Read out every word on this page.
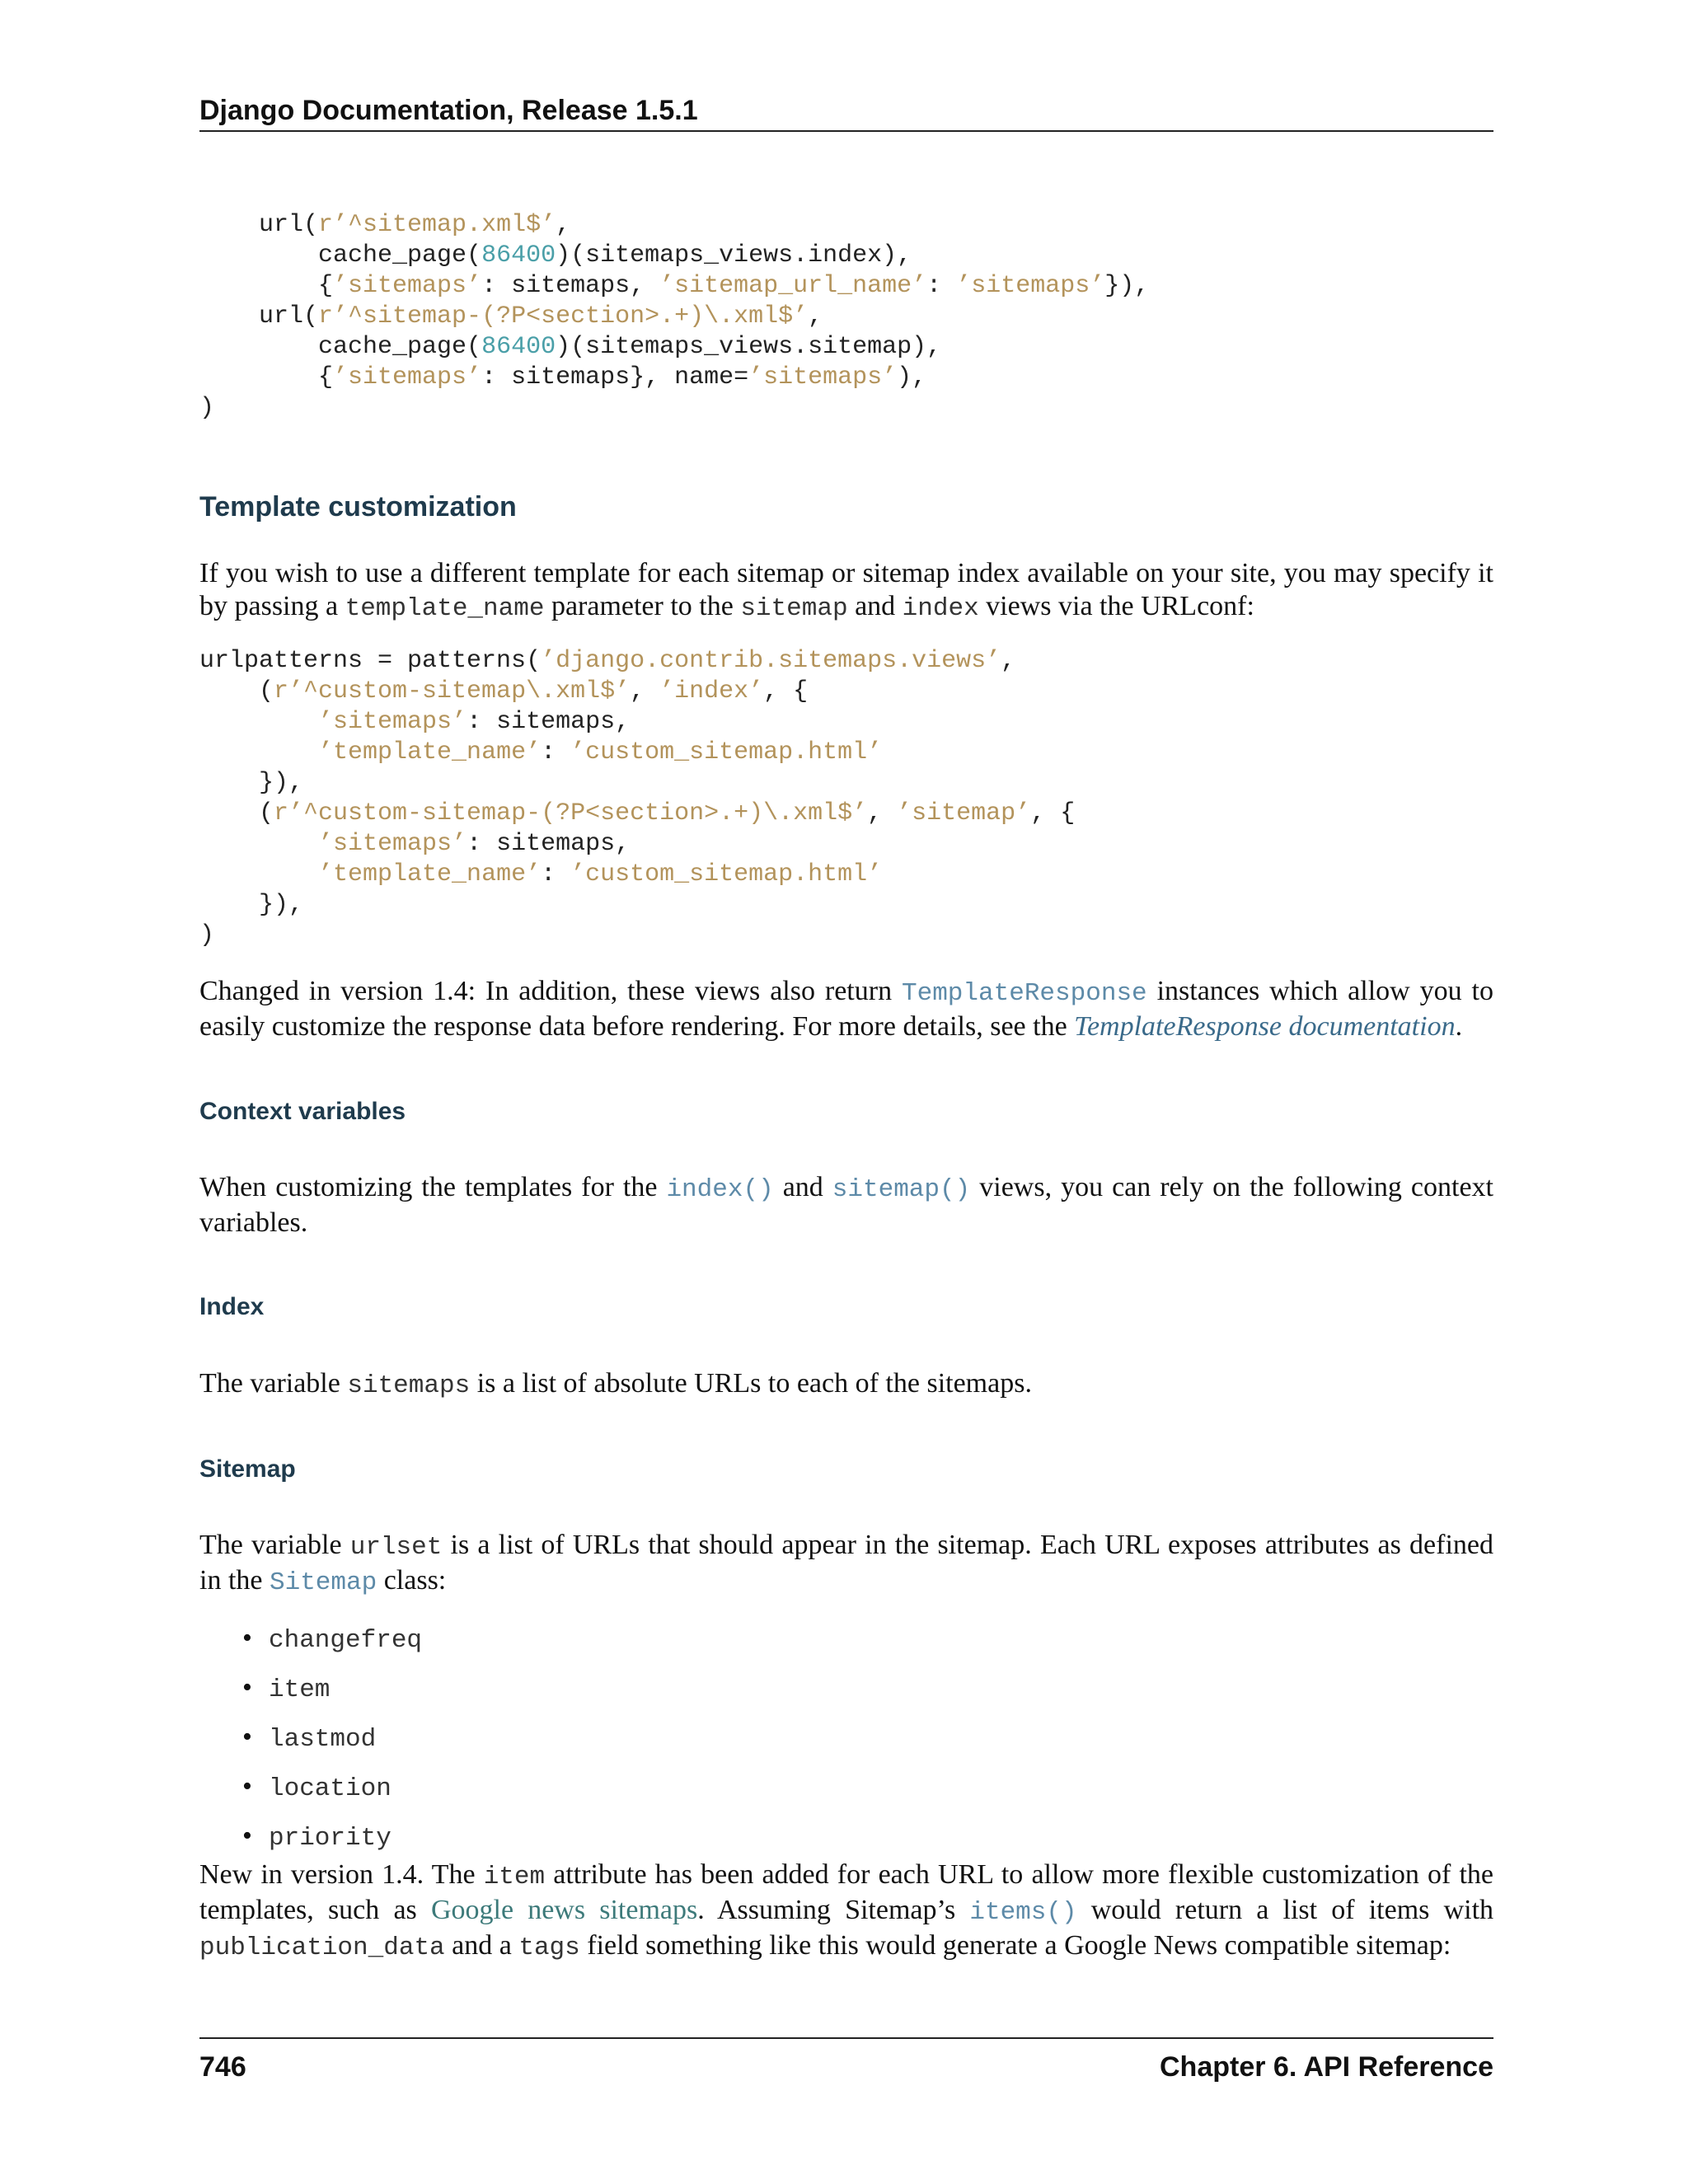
Django Documentation, Release 1.5.1
url(r’^sitemap.xml$’,
cache_page(86400)(sitemaps_views.index),
{’sitemaps’: sitemaps, ’sitemap_url_name’: ’sitemaps’}),
url(r’^sitemap-(?P<section>.+)\.xml$’,
cache_page(86400)(sitemaps_views.sitemap),
{’sitemaps’: sitemaps}, name=’sitemaps’),
)
Template customization
If you wish to use a different template for each sitemap or sitemap index available on your site, you may specify it by passing a template_name parameter to the sitemap and index views via the URLconf:
urlpatterns = patterns(’django.contrib.sitemaps.views’,
(r’^custom-sitemap\.xml$’, ’index’, {
’sitemaps’: sitemaps,
’template_name’: ’custom_sitemap.html’
}),
(r’^custom-sitemap-(?P<section>.+)\.xml$’, ’sitemap’, {
’sitemaps’: sitemaps,
’template_name’: ’custom_sitemap.html’
}),
)
Changed in version 1.4: In addition, these views also return TemplateResponse instances which allow you to easily customize the response data before rendering. For more details, see the TemplateResponse documentation.
Context variables
When customizing the templates for the index() and sitemap() views, you can rely on the following context variables.
Index
The variable sitemaps is a list of absolute URLs to each of the sitemaps.
Sitemap
The variable urlset is a list of URLs that should appear in the sitemap. Each URL exposes attributes as defined in the Sitemap class:
• changefreq
• item
• lastmod
• location
• priority
New in version 1.4. The item attribute has been added for each URL to allow more flexible customization of the templates, such as Google news sitemaps. Assuming Sitemap’s items() would return a list of items with publication_data and a tags field something like this would generate a Google News compatible sitemap:
746	Chapter 6. API Reference
